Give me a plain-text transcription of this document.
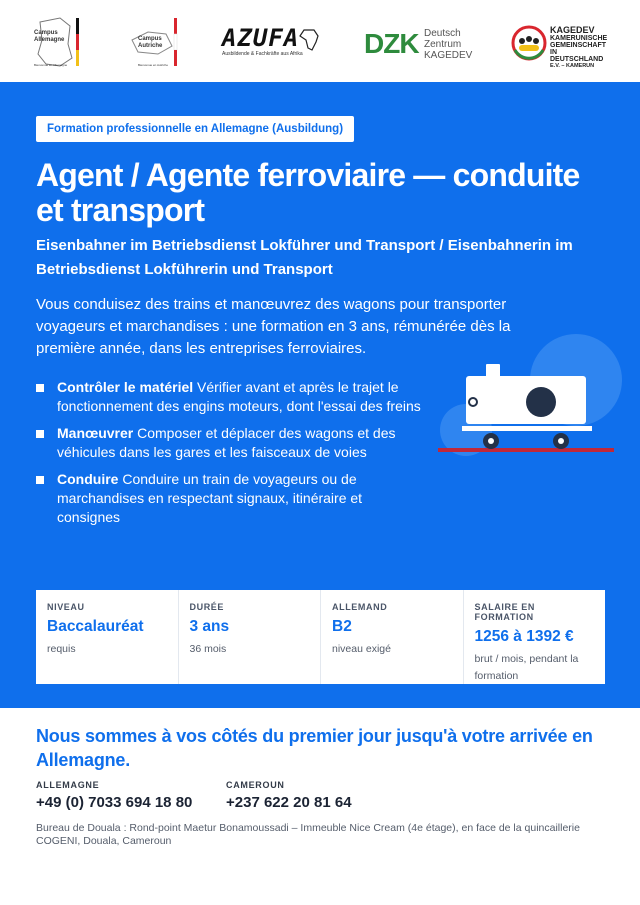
Campus
Allemagne
Bienvenue en Allemagne
Campus
Autriche
Bienvenue en Autriche
AZUFA
Ausbildende & Fachkräfte aus Afrika DZK Deutsch
Zentrum
KAGEDEV
KAGEDEV
KAMERUNISCHE
GEMEINSCHAFT
IN DEUTSCHLAND
E.V. – KAMERUN
Formation professionnelle en Allemagne (Ausbildung)
Agent / Agente ferroviaire — conduite et transport
Eisenbahner im Betriebsdienst Lokführer und Transport / Eisenbahnerin im Betriebsdienst Lokführerin und Transport

Vous conduisez des trains et manœuvrez des wagons pour transporter voyageurs et marchandises : une formation en 3 ans, rémunérée dès la première année, dans les entreprises ferroviaires.

Contrôler le matériel Vérifier avant et après le trajet le fonctionnement des engins moteurs, dont l'essai des freins
Manœuvrer Composer et déplacer des wagons et des véhicules dans les gares et les faisceaux de voies
Conduire Conduire un train de voyageurs ou de marchandises en respectant signaux, itinéraire et consignes
NIVEAU
Baccalauréat
requis
DURÉE
3 ans
36 mois
ALLEMAND
B2
niveau exigé
SALAIRE EN FORMATION
1256 à 1392 €
brut / mois, pendant la formation
Nous sommes à vos côtés du premier jour jusqu'à votre arrivée en Allemagne.
ALLEMAGNE
+49 (0) 7033 694 18 80
CAMEROUN
+237 622 20 81 64
Bureau de Douala : Rond-point Maetur Bonamoussadi – Immeuble Nice Cream (4e étage), en face de la quincaillerie COGENI, Douala, Cameroun
